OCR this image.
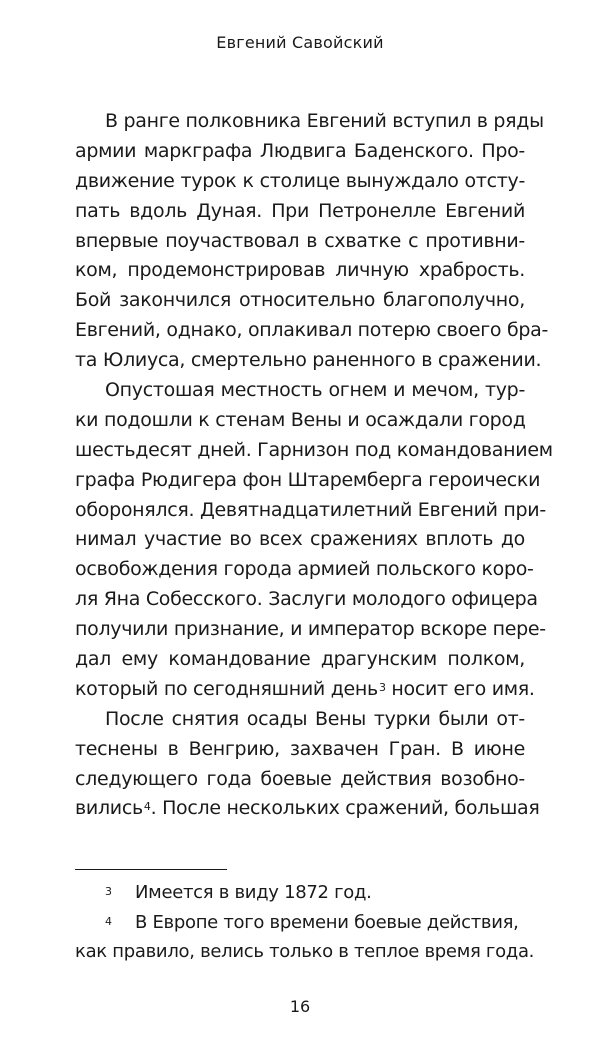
Евгений Савойский
В ранге полковника Евгений вступил в ряды
армии маркграфа Людвига Баденского. Про-
движение турок к столице вынуждало отсту-
пать вдоль Дуная. При Петронелле Евгений
впервые поучаствовал в схватке с противни-
ком, продемонстрировав личную храбрость.
Бой закончился относительно благополучно,
Евгений, однако, оплакивал потерю своего бра-
та Юлиуса, смертельно раненного в сражении.
Опустошая местность огнем и мечом, тур-
ки подошли к стенам Вены и осаждали город
шестьдесят дней. Гарнизон под командованием
графа Рюдигера фон Штаремберга героически
оборонялся. Девятнадцатилетний Евгений при-
нимал участие во всех сражениях вплоть до
освобождения города армией польского коро-
ля Яна Собесского. Заслуги молодого офицера
получили признание, и император вскоре пере-
дал ему командование драгунским полком,
который по сегодняшний день$^3$ носит его имя.
После снятия осады Вены турки были от-
теснены в Венгрию, захвачен Гран. В июне
следующего года боевые действия возобно-
вились$^4$. После нескольких сражений, большая
3 Имеется в виду 1872 год.
4 В Европе того времени боевые действия,
как правило, велись только в теплое время года.
16
